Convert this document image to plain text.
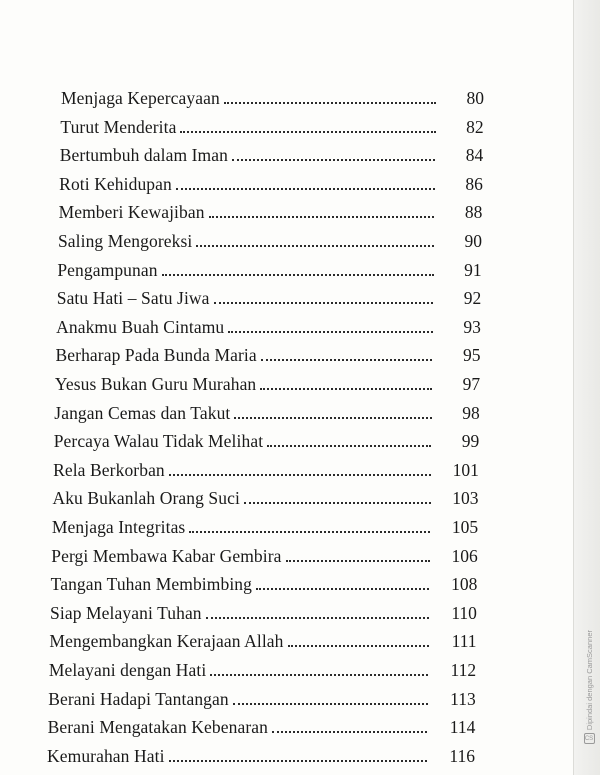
Menjaga Kepercayaan	80
Turut Menderita	82
Bertumbuh dalam Iman	84
Roti Kehidupan	86
Memberi Kewajiban	88
Saling Mengoreksi	90
Pengampunan	91
Satu Hati – Satu Jiwa	92
Anakmu Buah Cintamu	93
Berharap Pada Bunda Maria	95
Yesus Bukan Guru Murahan	97
Jangan Cemas dan Takut	98
Percaya Walau Tidak Melihat	99
Rela Berkorban	101
Aku Bukanlah Orang Suci	103
Menjaga Integritas	105
Pergi Membawa Kabar Gembira	106
Tangan Tuhan Membimbing	108
Siap Melayani Tuhan	110
Mengembangkan Kerajaan Allah	111
Melayani dengan Hati	112
Berani Hadapi Tantangan	113
Berani Mengatakan Kebenaran	114
Kemurahan Hati	116
Dipindai dengan CamScanner
CS
